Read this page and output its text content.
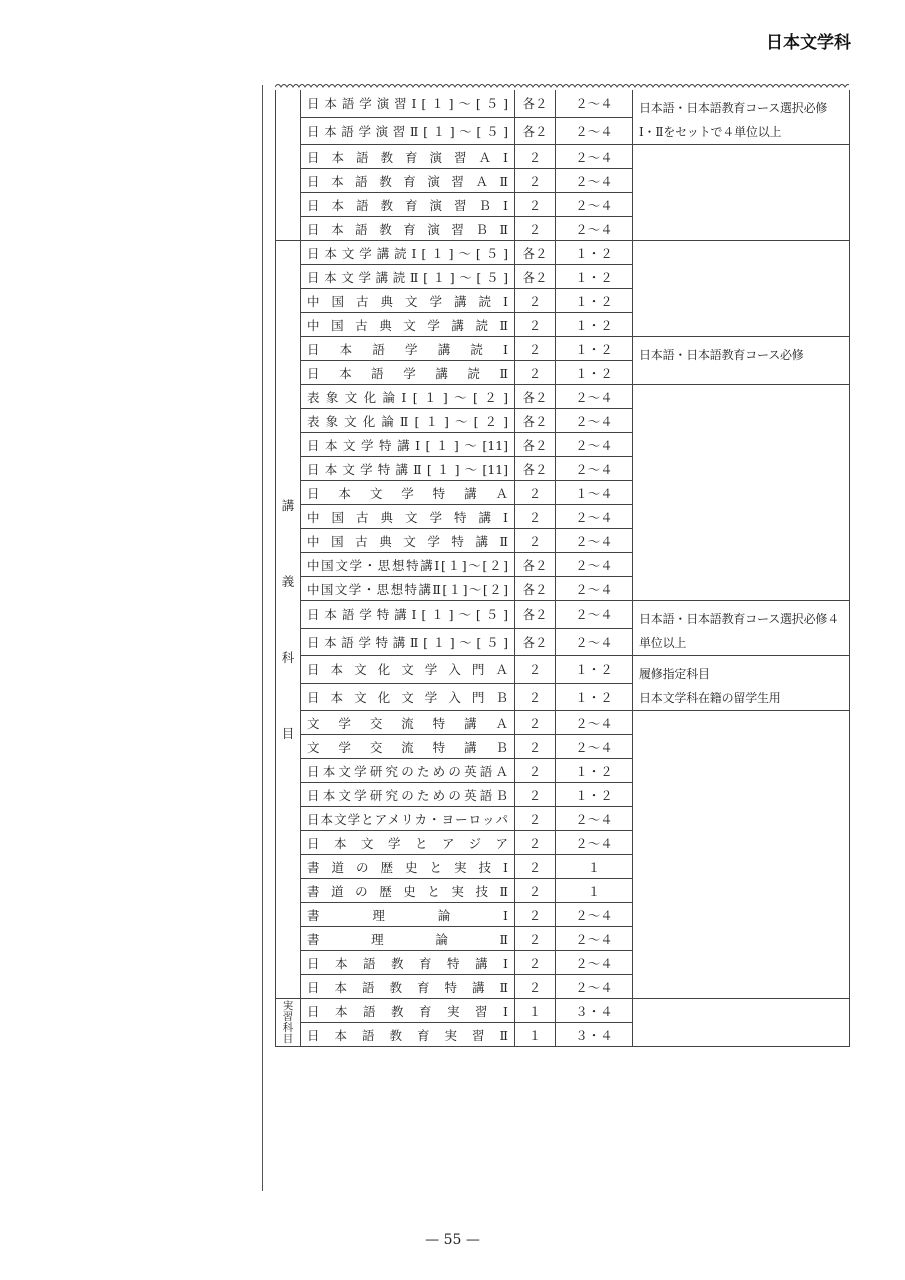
日本文学科
	日本語学演習Ⅰ[１]〜[５]	各２	２〜４	日本語・日本語教育コース選択必修Ⅰ・Ⅱをセットで４単位以上

	日本語学演習Ⅱ[１]〜[５]	各２	２〜４	
	日本語教育演習ＡⅠ	２	２〜４	
	日本語教育演習ＡⅡ	２	２〜４	
	日本語教育演習ＢⅠ	２	２〜４	
	日本語教育演習ＢⅡ	２	２〜４	

講
義
科
目	日本文学講読Ⅰ[１]〜[５]	各２	１・２	
	日本文学講読Ⅱ[１]〜[５]	各２	１・２	
	中国古典文学講読Ⅰ	２	１・２	
	中国古典文学講読Ⅱ	２	１・２	
	日本語学講読Ⅰ	２	１・２	日本語・日本語教育コース必修

	日本語学講読Ⅱ	２	１・２	
	表象文化論Ⅰ[１]〜[２]	各２	２〜４	
	表象文化論Ⅱ[１]〜[２]	各２	２〜４	
	日本文学特講Ⅰ[１]〜[11]	各２	２〜４	
	日本文学特講Ⅱ[１]〜[11]	各２	２〜４	
	日本文学特講Ａ	２	１〜４	
	中国古典文学特講Ⅰ	２	２〜４	
	中国古典文学特講Ⅱ	２	２〜４	
	中国文学・思想特講Ⅰ[１]〜[２]	各２	２〜４	
	中国文学・思想特講Ⅱ[１]〜[２]	各２	２〜４	
	日本語学特講Ⅰ[１]〜[５]	各２	２〜４	日本語・日本語教育コース選択必修４単位以上

	日本語学特講Ⅱ[１]〜[５]	各２	２〜４	
	日本文化文学入門Ａ	２	１・２	履修指定科目
日本文学科在籍の留学生用

	日本文化文学入門Ｂ	２	１・２	
	文学交流特講Ａ	２	２〜４	
	文学交流特講Ｂ	２	２〜４	
	日本文学研究のための英語Ａ	２	１・２	
	日本文学研究のための英語Ｂ	２	１・２	
	日本文学とアメリカ・ヨーロッパ	２	２〜４	
	日本文学とアジア	２	２〜４	
	書道の歴史と実技Ⅰ	２	１	
	書道の歴史と実技Ⅱ	２	１	
	書理論Ⅰ	２	２〜４	
	書理論Ⅱ	２	２〜４	
	日本語教育特講Ⅰ	２	２〜４	
	日本語教育特講Ⅱ	２	２〜４	

実
習
科
目	日本語教育実習Ⅰ	１	３・４	
	日本語教育実習Ⅱ	１	３・４	
— 55 —
